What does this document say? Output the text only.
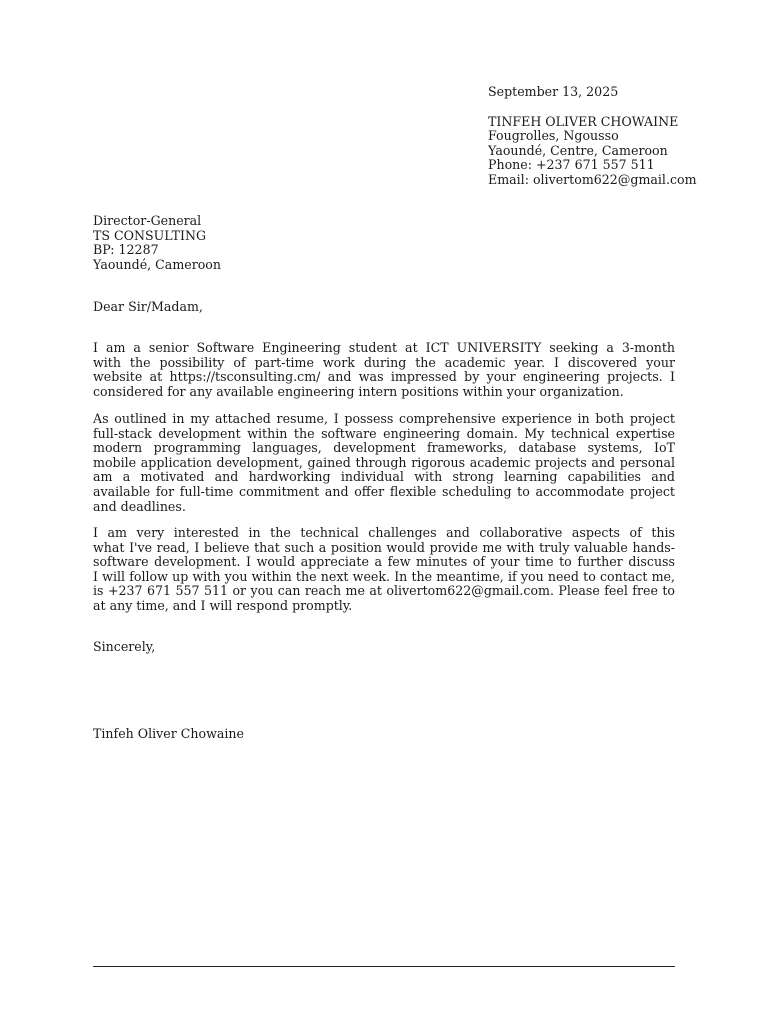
September 13, 2025
TINFEH OLIVER CHOWAINE
Fougrolles, Ngousso
Yaoundé, Centre, Cameroon
Phone: +237 671 557 511
Email: olivertom622@gmail.com
Director-General
TS CONSULTING
BP: 12287
Yaoundé, Cameroon
Dear Sir/Madam,
I am a senior Software Engineering student at ICT UNIVERSITY seeking a 3-month
with the possibility of part-time work during the academic year. I discovered your
website at https://tsconsulting.cm/ and was impressed by your engineering projects. I
considered for any available engineering intern positions within your organization.
As outlined in my attached resume, I possess comprehensive experience in both project
full-stack development within the software engineering domain. My technical expertise
modern programming languages, development frameworks, database systems, IoT
mobile application development, gained through rigorous academic projects and personal
am a motivated and hardworking individual with strong learning capabilities and
available for full-time commitment and offer flexible scheduling to accommodate project
and deadlines.
I am very interested in the technical challenges and collaborative aspects of this
what I've read, I believe that such a position would provide me with truly valuable hands-
software development. I would appreciate a few minutes of your time to further discuss
I will follow up with you within the next week. In the meantime, if you need to contact me,
is +237 671 557 511 or you can reach me at olivertom622@gmail.com. Please feel free to
at any time, and I will respond promptly.
Sincerely,
Tinfeh Oliver Chowaine
